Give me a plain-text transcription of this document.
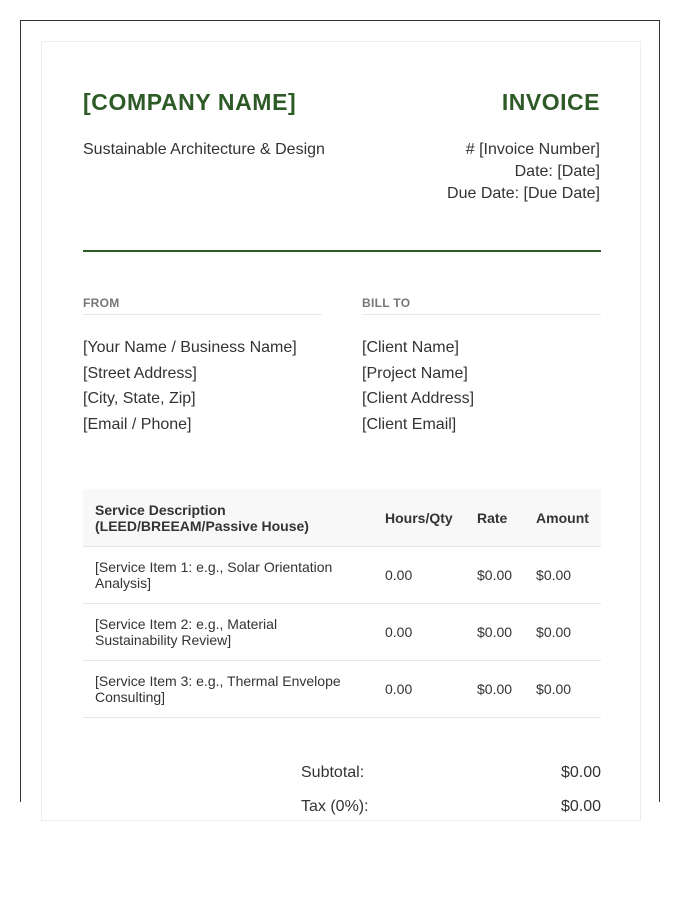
[COMPANY NAME]
Sustainable Architecture & Design
INVOICE
# [Invoice Number]
Date: [Date]
Due Date: [Due Date]
FROM
[Your Name / Business Name]
[Street Address]
[City, State, Zip]
[Email / Phone]
BILL TO
[Client Name]
[Project Name]
[Client Address]
[Client Email]
Service Description
(LEED/BREEAM/Passive House)	Hours/Qty	Rate	Amount

[Service Item 1: e.g., Solar Orientation
Analysis]	0.00	$0.00	$0.00

[Service Item 2: e.g., Material
Sustainability Review]	0.00	$0.00	$0.00

[Service Item 3: e.g., Thermal Envelope
Consulting]	0.00	$0.00	$0.00
Subtotal:	$0.00
Tax (0%):	$0.00
